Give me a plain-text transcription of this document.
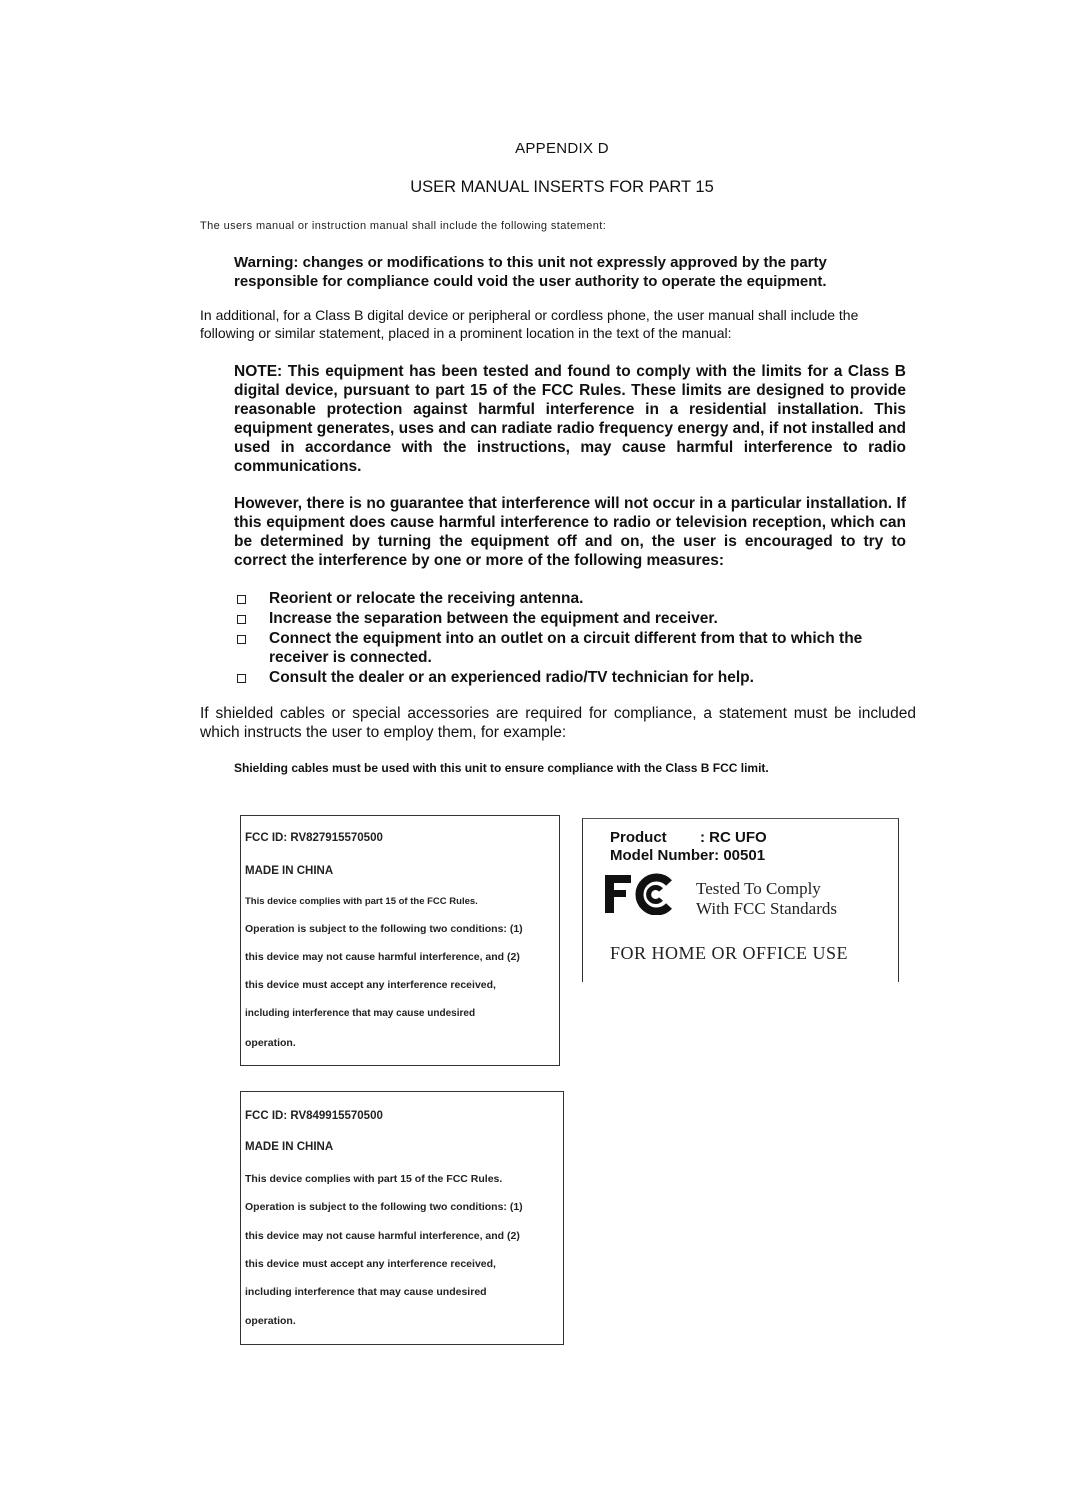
APPENDIX D
USER MANUAL INSERTS FOR PART 15
The users manual or instruction manual shall include the following statement:
Warning: changes or modifications to this unit not expressly approved by the party responsible for compliance could void the user authority to operate the equipment.
In additional, for a Class B digital device or peripheral or cordless phone, the user manual shall include the following or similar statement, placed in a prominent location in the text of the manual:
NOTE: This equipment has been tested and found to comply with the limits for a Class B digital device, pursuant to part 15 of the FCC Rules. These limits are designed to provide reasonable protection against harmful interference in a residential installation. This equipment generates, uses and can radiate radio frequency energy and, if not installed and used in accordance with the instructions, may cause harmful interference to radio communications.
However, there is no guarantee that interference will not occur in a particular installation. If this equipment does cause harmful interference to radio or television reception, which can be determined by turning the equipment off and on, the user is encouraged to try to correct the interference by one or more of the following measures:
Reorient or relocate the receiving antenna.
Increase the separation between the equipment and receiver.
Connect the equipment into an outlet on a circuit different from that to which the receiver is connected.
Consult the dealer or an experienced radio/TV technician for help.
If shielded cables or special accessories are required for compliance, a statement must be included which instructs the user to employ them, for example:
Shielding cables must be used with this unit to ensure compliance with the Class B FCC limit.
FCC ID: RV827915570500
MADE IN CHINA
This device complies with part 15 of the FCC Rules.
Operation is subject to the following two conditions: (1)
this device may not cause harmful interference, and (2)
this device must accept any interference received,
including interference that may cause undesired
operation.
Product : RC UFO
Model Number: 00501
Tested To Comply
With FCC Standards
FOR HOME OR OFFICE USE
FCC ID: RV849915570500
MADE IN CHINA
This device complies with part 15 of the FCC Rules.
Operation is subject to the following two conditions: (1)
this device may not cause harmful interference, and (2)
this device must accept any interference received,
including interference that may cause undesired
operation.
